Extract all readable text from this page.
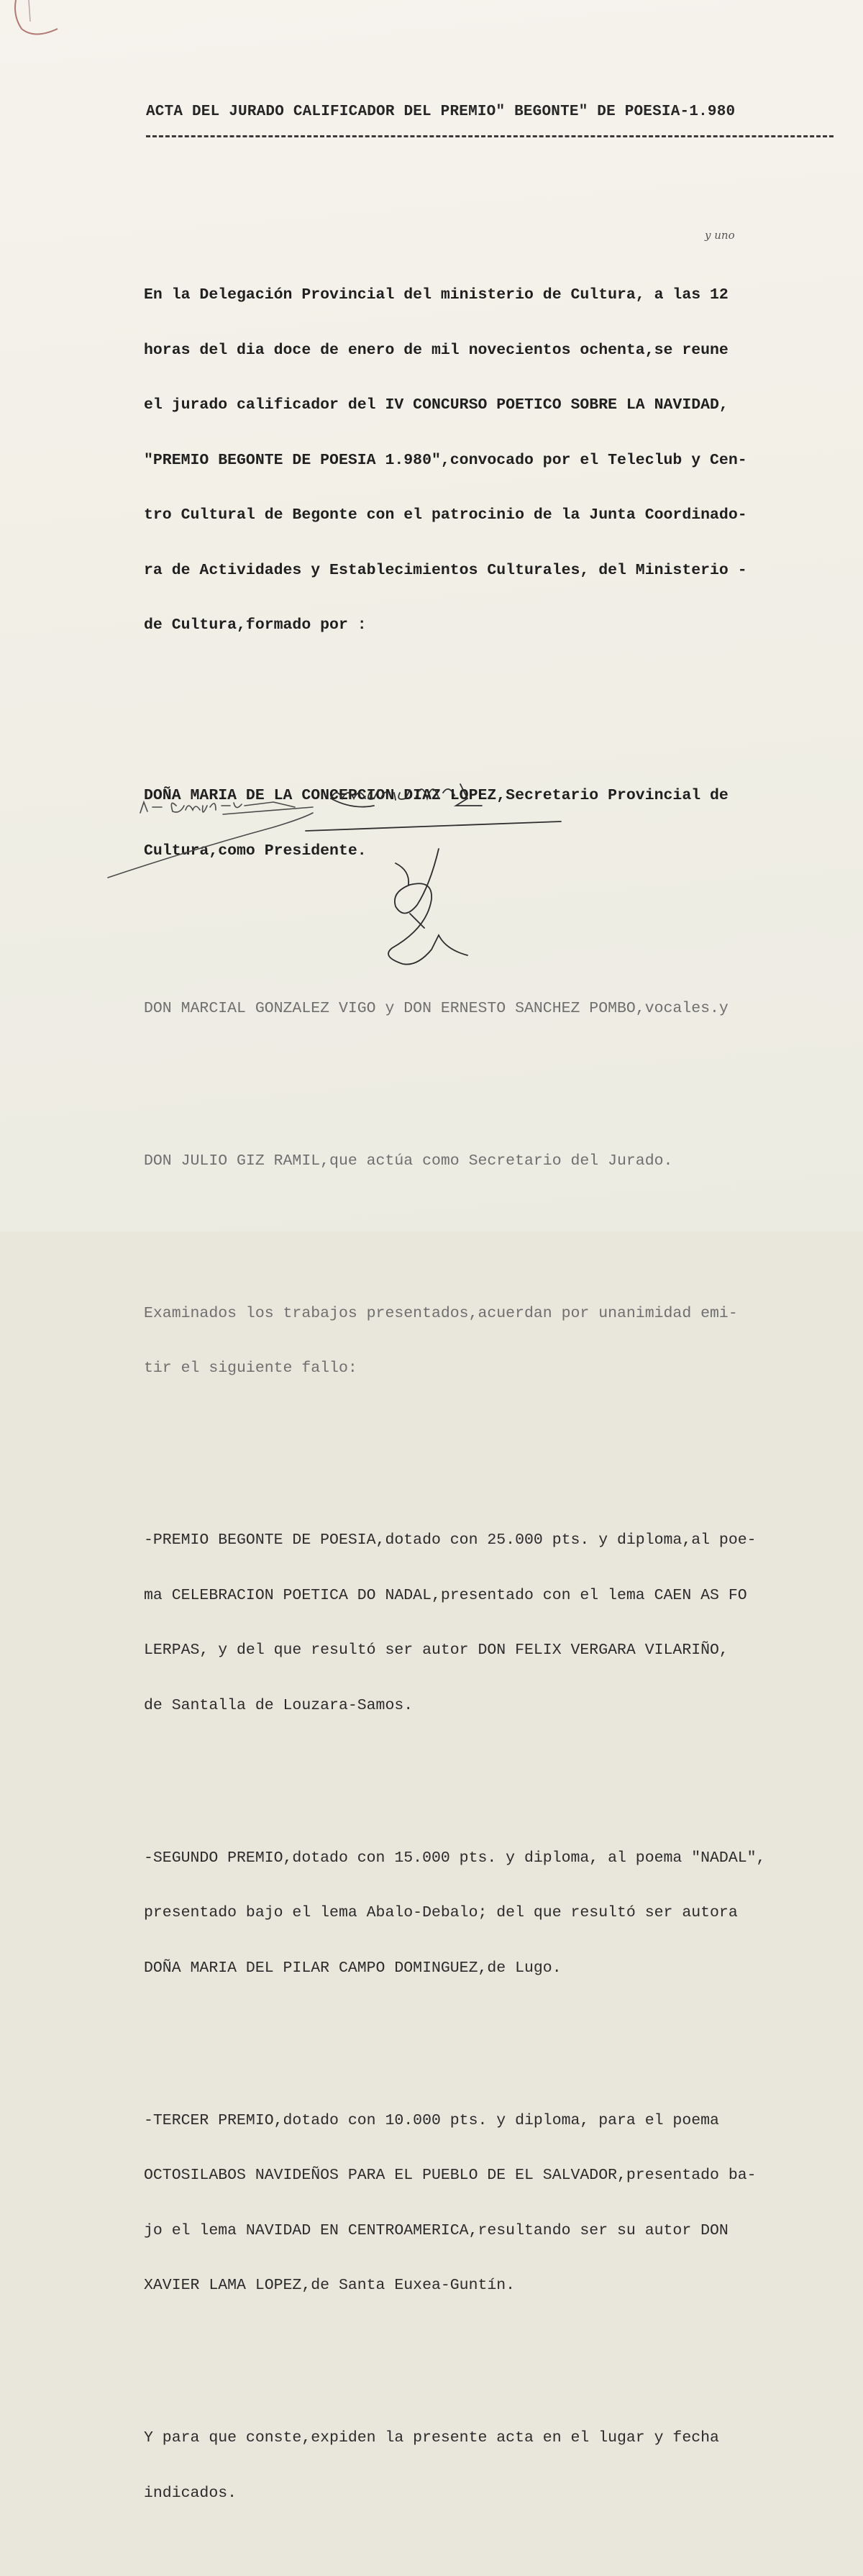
ACTA DEL JURADO CALIFICADOR DEL PREMIO" BEGONTE" DE POESIA-1.980
y uno

En la Delegación Provincial del ministerio de Cultura, a las 12

horas del dia doce de enero de mil novecientos ochenta,se reune

el jurado calificador del IV CONCURSO POETICO SOBRE LA NAVIDAD,

"PREMIO BEGONTE DE POESIA 1.980",convocado por el Teleclub y Cen-

tro Cultural de Begonte con el patrocinio de la Junta Coordinado-

ra de Actividades y Establecimientos Culturales, del Ministerio -

de Cultura,formado por :

DOÑA MARIA DE LA CONCEPCION DIAZ LOPEZ,Secretario Provincial de

Cultura,como Presidente.

DON MARCIAL GONZALEZ VIGO y DON ERNESTO SANCHEZ POMBO,vocales.y

DON JULIO GIZ RAMIL,que actúa como Secretario del Jurado.

Examinados los trabajos presentados,acuerdan por unanimidad emi-

tir el siguiente fallo:

-PREMIO BEGONTE DE POESIA,dotado con 25.000 pts. y diploma,al poe-

ma CELEBRACION POETICA DO NADAL,presentado con el lema CAEN AS FO

LERPAS, y del que resultó ser autor DON FELIX VERGARA VILARIÑO,

de Santalla de Louzara-Samos.

-SEGUNDO PREMIO,dotado con 15.000 pts. y diploma, al poema "NADAL",

presentado bajo el lema Abalo-Debalo; del que resultó ser autora

DOÑA MARIA DEL PILAR CAMPO DOMINGUEZ,de Lugo.

-TERCER PREMIO,dotado con 10.000 pts. y diploma, para el poema

OCTOSILABOS NAVIDEÑOS PARA EL PUEBLO DE EL SALVADOR,presentado ba-

jo el lema NAVIDAD EN CENTROAMERICA,resultando ser su autor DON

XAVIER LAMA LOPEZ,de Santa Euxea-Guntín.

Y para que conste,expiden la presente acta en el lugar y fecha

indicados.
